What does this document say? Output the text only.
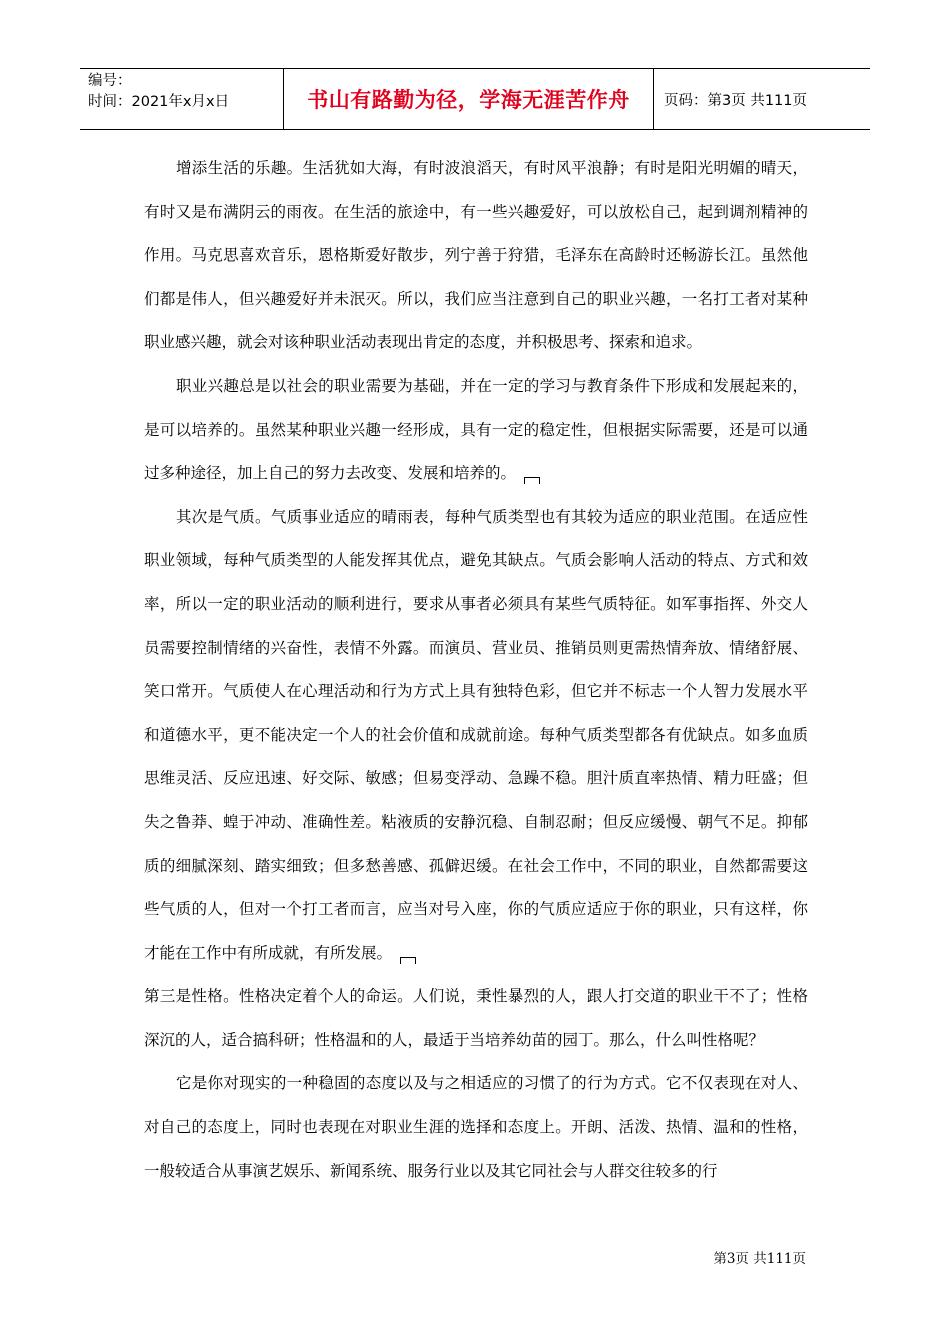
编号：
时间：2021年x月x日	书山有路勤为径，学海无涯苦作舟	页码：第3页 共111页

增添生活的乐趣。生活犹如大海，有时波浪滔天，有时风平浪静；有时是阳光明媚的晴天，有时又是布满阴云的雨夜。在生活的旅途中，有一些兴趣爱好，可以放松自己，起到调剂精神的作用。马克思喜欢音乐，恩格斯爱好散步，列宁善于狩猎，毛泽东在高龄时还畅游长江。虽然他们都是伟人，但兴趣爱好并未泯灭。所以，我们应当注意到自己的职业兴趣，一名打工者对某种职业感兴趣，就会对该种职业活动表现出肯定的态度，并积极思考、探索和追求。

职业兴趣总是以社会的职业需要为基础，并在一定的学习与教育条件下形成和发展起来的，是可以培养的。虽然某种职业兴趣一经形成，具有一定的稳定性，但根据实际需要，还是可以通过多种途径，加上自己的努力去改变、发展和培养的。

其次是气质。气质事业适应的晴雨表，每种气质类型也有其较为适应的职业范围。在适应性职业领域，每种气质类型的人能发挥其优点，避免其缺点。气质会影响人活动的特点、方式和效率，所以一定的职业活动的顺利进行，要求从事者必须具有某些气质特征。如军事指挥、外交人员需要控制情绪的兴奋性，表情不外露。而演员、营业员、推销员则更需热情奔放、情绪舒展、笑口常开。气质使人在心理活动和行为方式上具有独特色彩，但它并不标志一个人智力发展水平和道德水平，更不能决定一个人的社会价值和成就前途。每种气质类型都各有优缺点。如多血质思维灵活、反应迅速、好交际、敏感；但易变浮动、急躁不稳。胆汁质直率热情、精力旺盛；但失之鲁莽、蝗于冲动、准确性差。粘液质的安静沉稳、自制忍耐；但反应缓慢、朝气不足。抑郁质的细腻深刻、踏实细致；但多愁善感、孤僻迟缓。在社会工作中，不同的职业，自然都需要这些气质的人，但对一个打工者而言，应当对号入座，你的气质应适应于你的职业，只有这样，你才能在工作中有所成就，有所发展。

第三是性格。性格决定着个人的命运。人们说，秉性暴烈的人，跟人打交道的职业干不了；性格深沉的人，适合搞科研；性格温和的人，最适于当培养幼苗的园丁。那么，什么叫性格呢？

它是你对现实的一种稳固的态度以及与之相适应的习惯了的行为方式。它不仅表现在对人、对自己的态度上，同时也表现在对职业生涯的选择和态度上。开朗、活泼、热情、温和的性格，一般较适合从事演艺娱乐、新闻系统、服务行业以及其它同社会与人群交往较多的行

第3页 共111页
